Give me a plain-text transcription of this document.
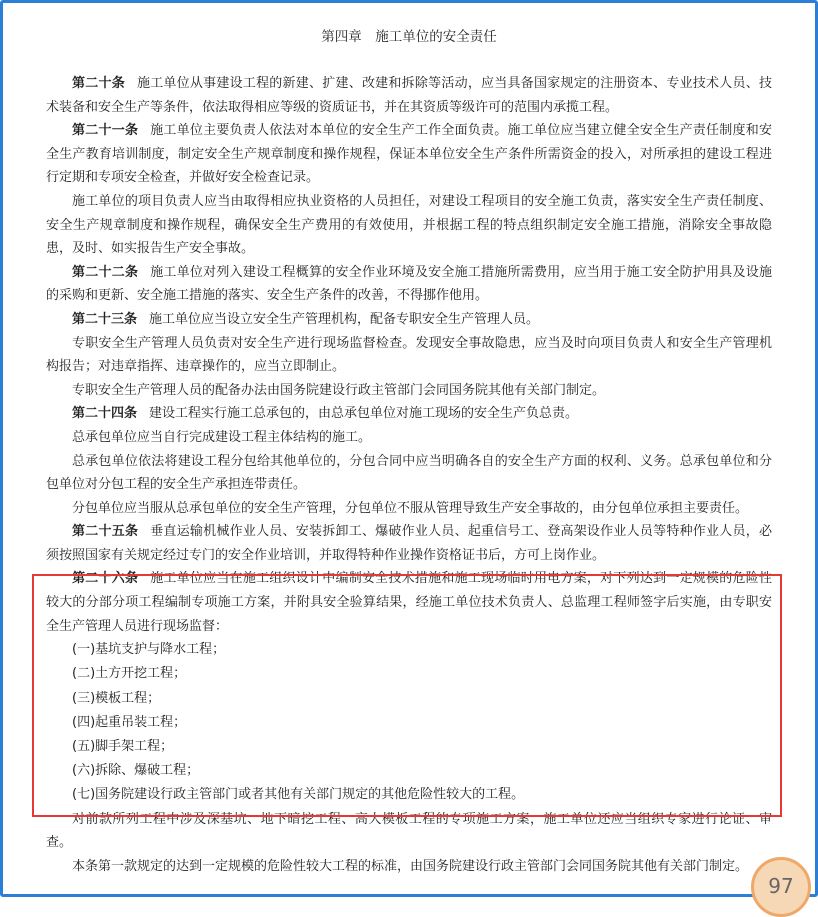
第四章　施工单位的安全责任

第二十条 施工单位从事建设工程的新建、扩建、改建和拆除等活动，应当具备国家规定的注册资本、专业技术人员、技术装备和安全生产等条件，依法取得相应等级的资质证书，并在其资质等级许可的范围内承揽工程。

第二十一条 施工单位主要负责人依法对本单位的安全生产工作全面负责。施工单位应当建立健全安全生产责任制度和安全生产教育培训制度，制定安全生产规章制度和操作规程，保证本单位安全生产条件所需资金的投入，对所承担的建设工程进行定期和专项安全检查，并做好安全检查记录。

施工单位的项目负责人应当由取得相应执业资格的人员担任，对建设工程项目的安全施工负责，落实安全生产责任制度、安全生产规章制度和操作规程，确保安全生产费用的有效使用，并根据工程的特点组织制定安全施工措施，消除安全事故隐患，及时、如实报告生产安全事故。

第二十二条 施工单位对列入建设工程概算的安全作业环境及安全施工措施所需费用，应当用于施工安全防护用具及设施的采购和更新、安全施工措施的落实、安全生产条件的改善，不得挪作他用。

第二十三条 施工单位应当设立安全生产管理机构，配备专职安全生产管理人员。

专职安全生产管理人员负责对安全生产进行现场监督检查。发现安全事故隐患，应当及时向项目负责人和安全生产管理机构报告；对违章指挥、违章操作的，应当立即制止。

专职安全生产管理人员的配备办法由国务院建设行政主管部门会同国务院其他有关部门制定。

第二十四条 建设工程实行施工总承包的，由总承包单位对施工现场的安全生产负总责。

总承包单位应当自行完成建设工程主体结构的施工。

总承包单位依法将建设工程分包给其他单位的，分包合同中应当明确各自的安全生产方面的权利、义务。总承包单位和分包单位对分包工程的安全生产承担连带责任。

分包单位应当服从总承包单位的安全生产管理，分包单位不服从管理导致生产安全事故的，由分包单位承担主要责任。

第二十五条 垂直运输机械作业人员、安装拆卸工、爆破作业人员、起重信号工、登高架设作业人员等特种作业人员，必须按照国家有关规定经过专门的安全作业培训，并取得特种作业操作资格证书后，方可上岗作业。

第二十六条 施工单位应当在施工组织设计中编制安全技术措施和施工现场临时用电方案，对下列达到一定规模的危险性较大的分部分项工程编制专项施工方案，并附具安全验算结果，经施工单位技术负责人、总监理工程师签字后实施，由专职安全生产管理人员进行现场监督：

(一)基坑支护与降水工程；

(二)土方开挖工程；

(三)模板工程；

(四)起重吊装工程；

(五)脚手架工程；

(六)拆除、爆破工程；

(七)国务院建设行政主管部门或者其他有关部门规定的其他危险性较大的工程。

对前款所列工程中涉及深基坑、地下暗挖工程、高大模板工程的专项施工方案，施工单位还应当组织专家进行论证、审查。

本条第一款规定的达到一定规模的危险性较大工程的标准，由国务院建设行政主管部门会同国务院其他有关部门制定。

97
